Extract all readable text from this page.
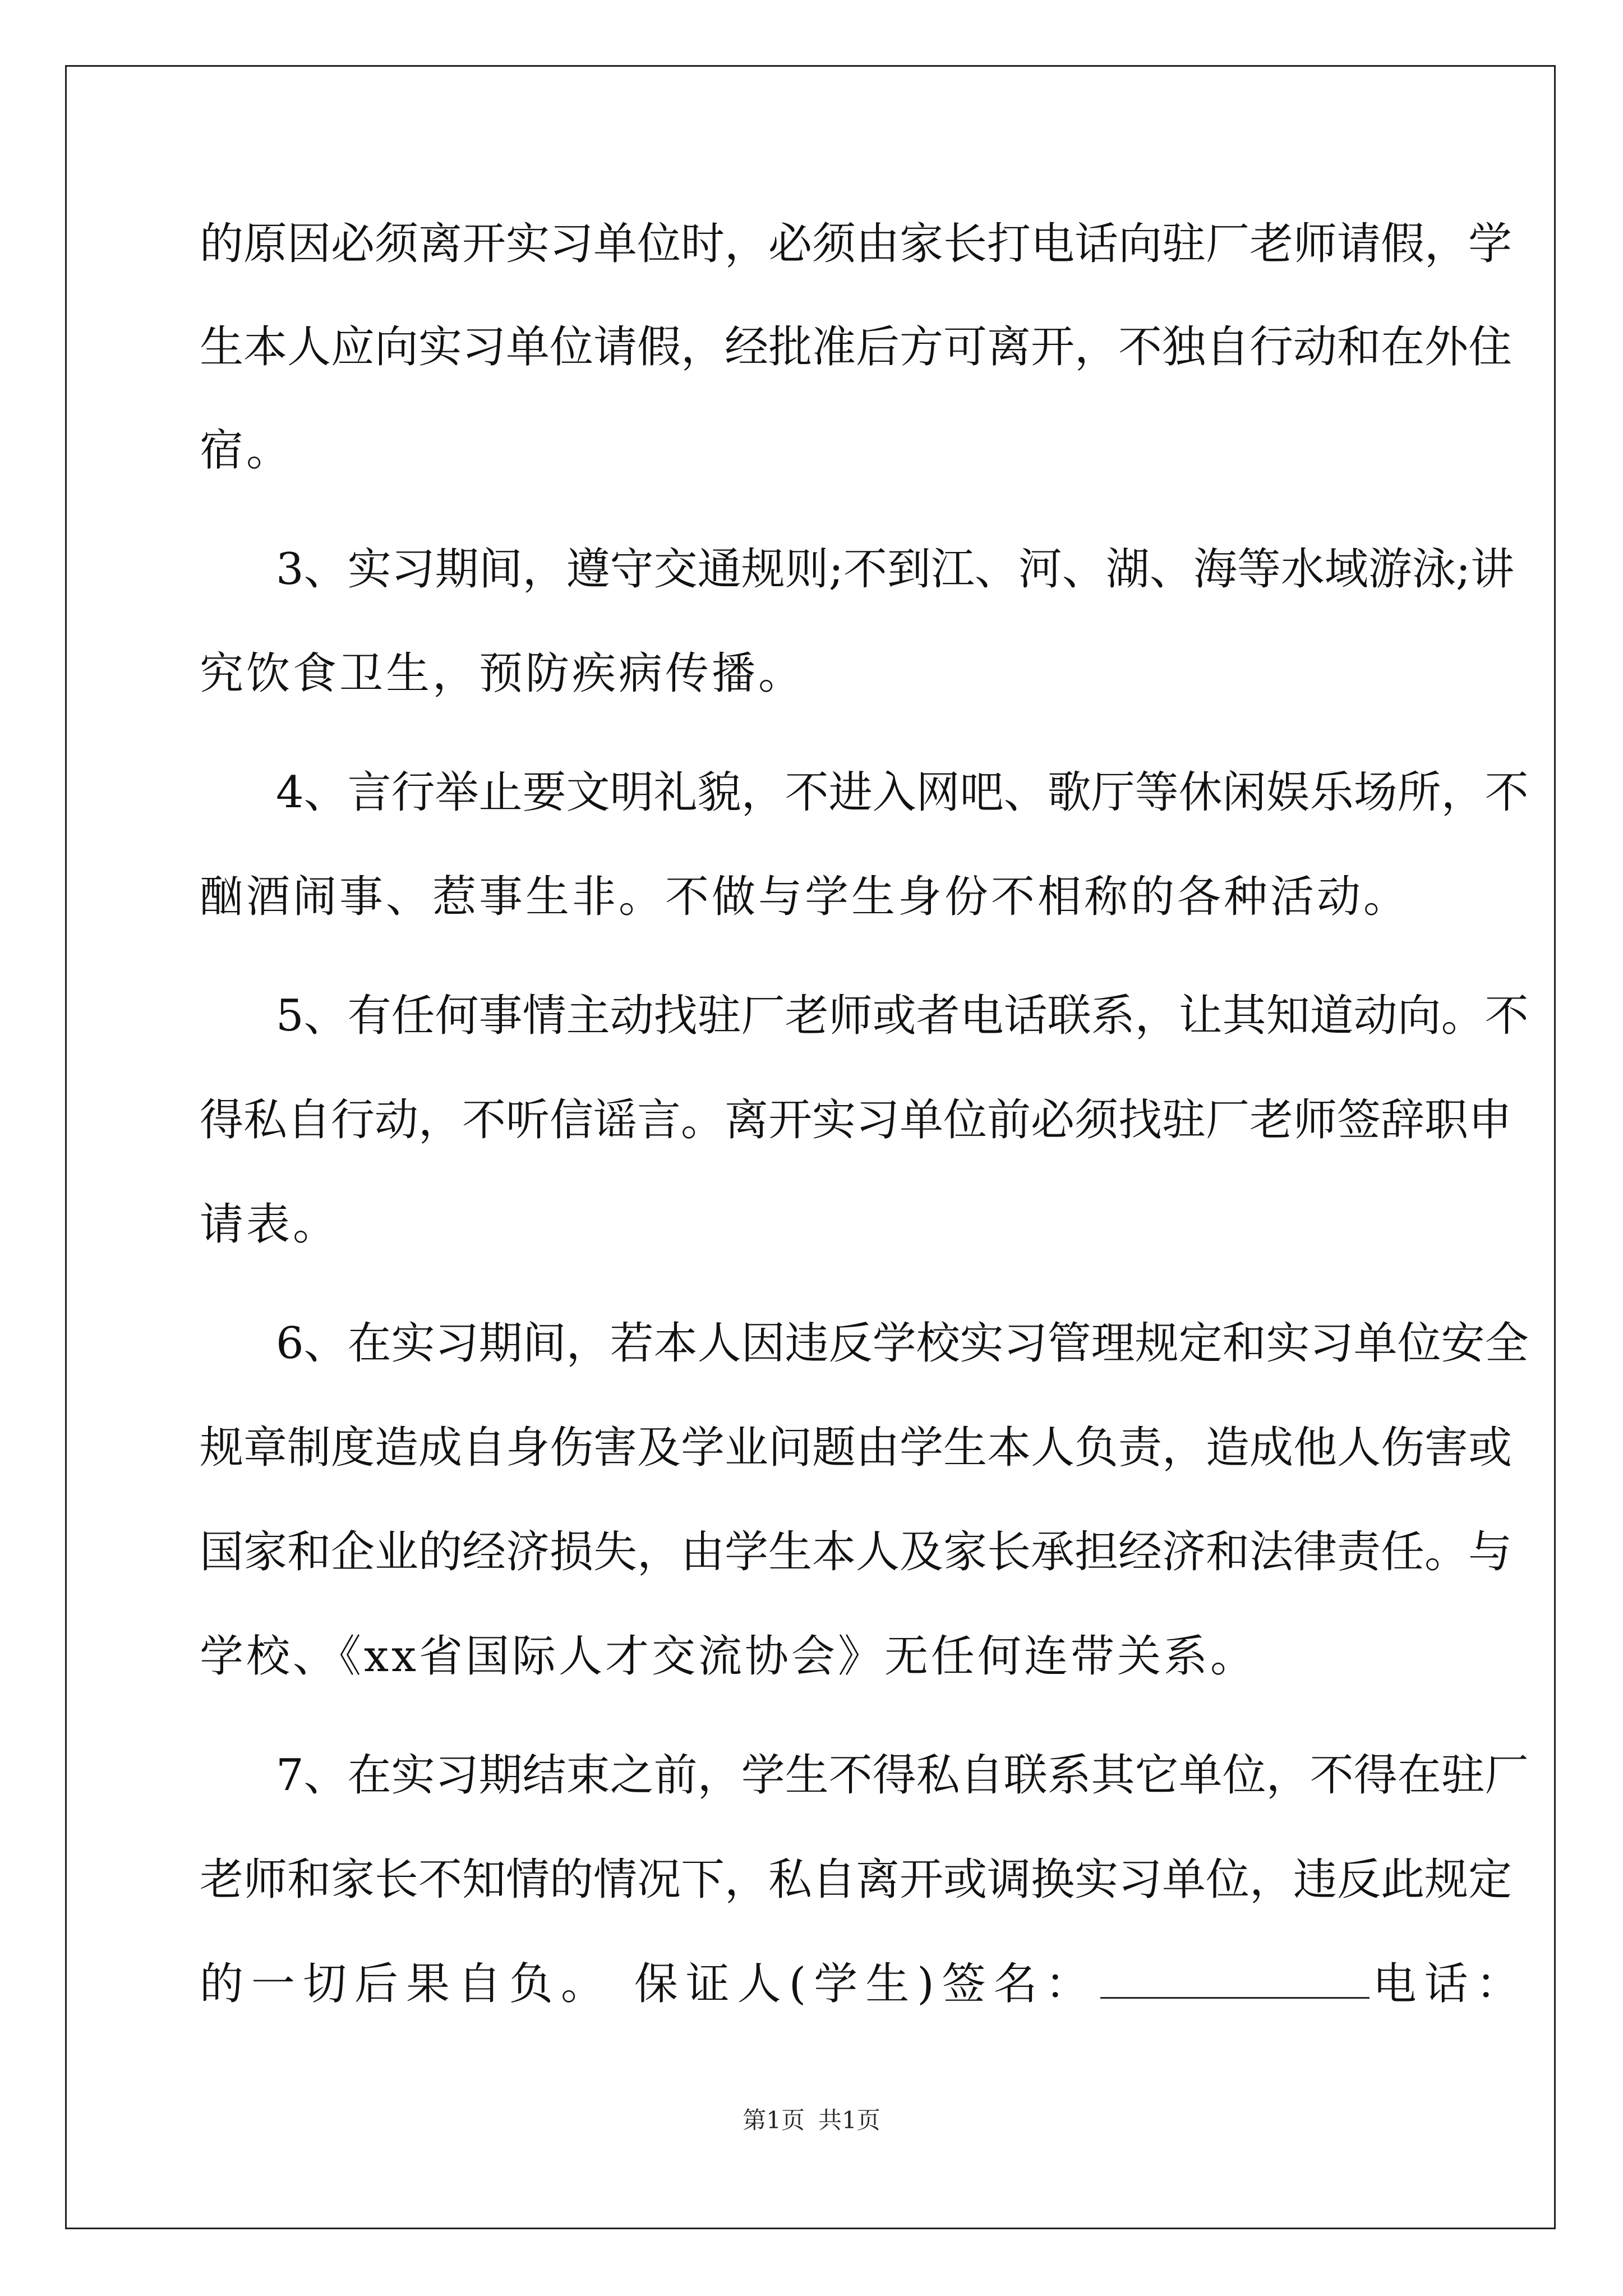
的原因必须离开实习单位时，必须由家长打电话向驻厂老师请假，学
生本人应向实习单位请假，经批准后方可离开，不独自行动和在外住
宿。
3、实习期间，遵守交通规则;不到江、河、湖、海等水域游泳;讲
究饮食卫生，预防疾病传播。
4、言行举止要文明礼貌，不进入网吧、歌厅等休闲娱乐场所，不
酗酒闹事、惹事生非。不做与学生身份不相称的各种活动。
5、有任何事情主动找驻厂老师或者电话联系，让其知道动向。不
得私自行动，不听信谣言。离开实习单位前必须找驻厂老师签辞职申
请表。
6、在实习期间，若本人因违反学校实习管理规定和实习单位安全
规章制度造成自身伤害及学业问题由学生本人负责，造成他人伤害或
国家和企业的经济损失，由学生本人及家长承担经济和法律责任。与
学校、《xx省国际人才交流协会》无任何连带关系。
7、在实习期结束之前，学生不得私自联系其它单位，不得在驻厂
老师和家长不知情的情况下，私自离开或调换实习单位，违反此规定
的一切后果自负。 保证人(学生)签名：	电话：
第1页 共1页
